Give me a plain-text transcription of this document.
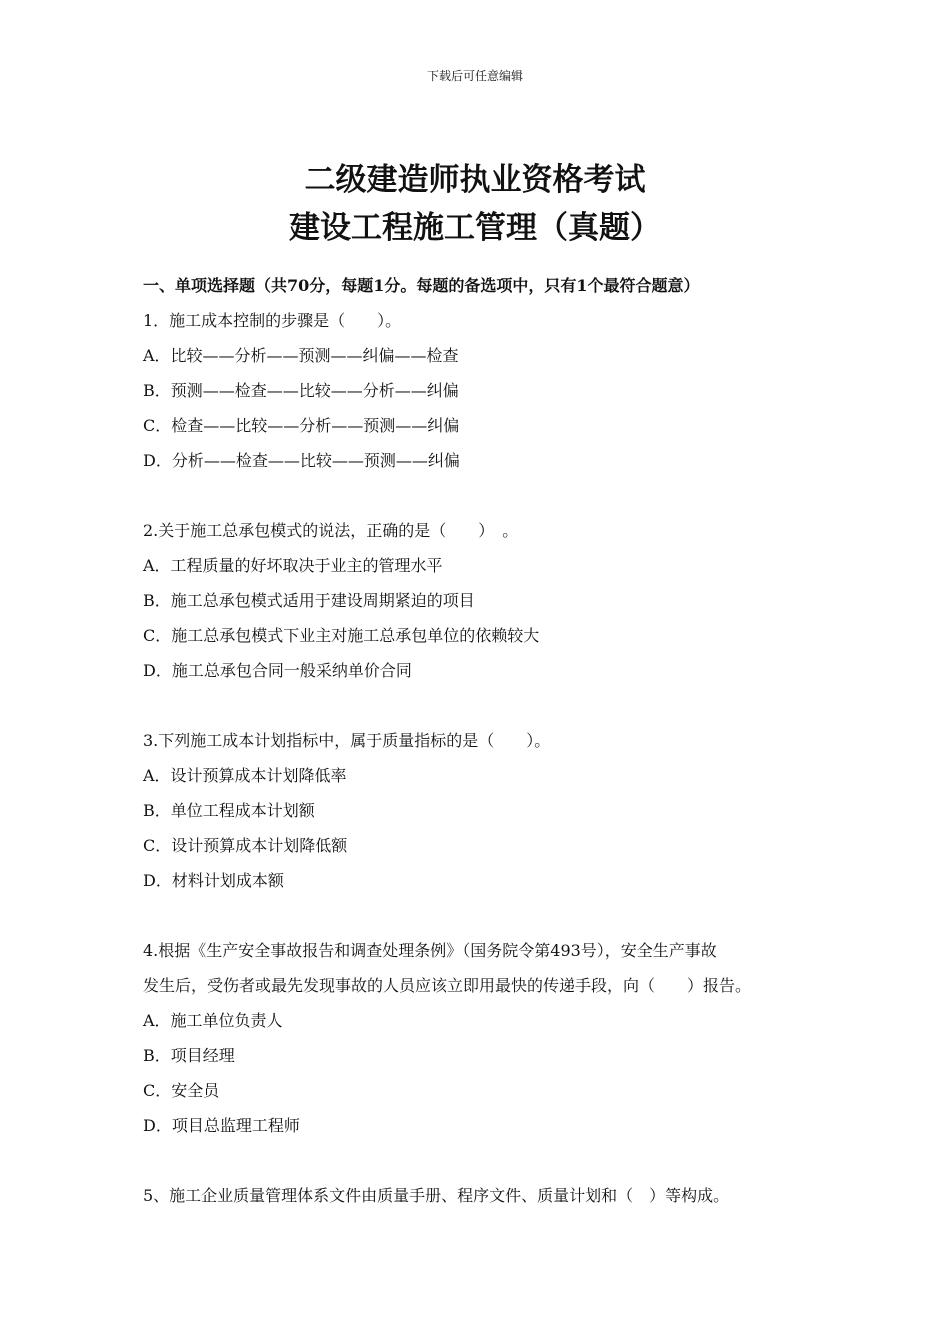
下载后可任意编辑
二级建造师执业资格考试
建设工程施工管理（真题）

一、单项选择题（共70分，每题1分。每题的备选项中，只有1个最符合题意）

1．施工成本控制的步骤是（　　）。

A．比较——分析——预测——纠偏——检查

B．预测——检查——比较——分析——纠偏

C．检查——比较——分析——预测——纠偏

D．分析——检查——比较——预测——纠偏

2.关于施工总承包模式的说法，正确的是（　　）　。

A．工程质量的好坏取决于业主的管理水平

B．施工总承包模式适用于建设周期紧迫的项目

C．施工总承包模式下业主对施工总承包单位的依赖较大

D．施工总承包合同一般采纳单价合同

3.下列施工成本计划指标中，属于质量指标的是（　　）。

A．设计预算成本计划降低率

B．单位工程成本计划额

C．设计预算成本计划降低额

D．材料计划成本额

4.根据《生产安全事故报告和调查处理条例》（国务院令第493号），安全生产事故

发生后，受伤者或最先发现事故的人员应该立即用最快的传递手段，向（　　）报告。

A．施工单位负责人

B．项目经理

C．安全员

D．项目总监理工程师

5、施工企业质量管理体系文件由质量手册、程序文件、质量计划和（　）等构成。
